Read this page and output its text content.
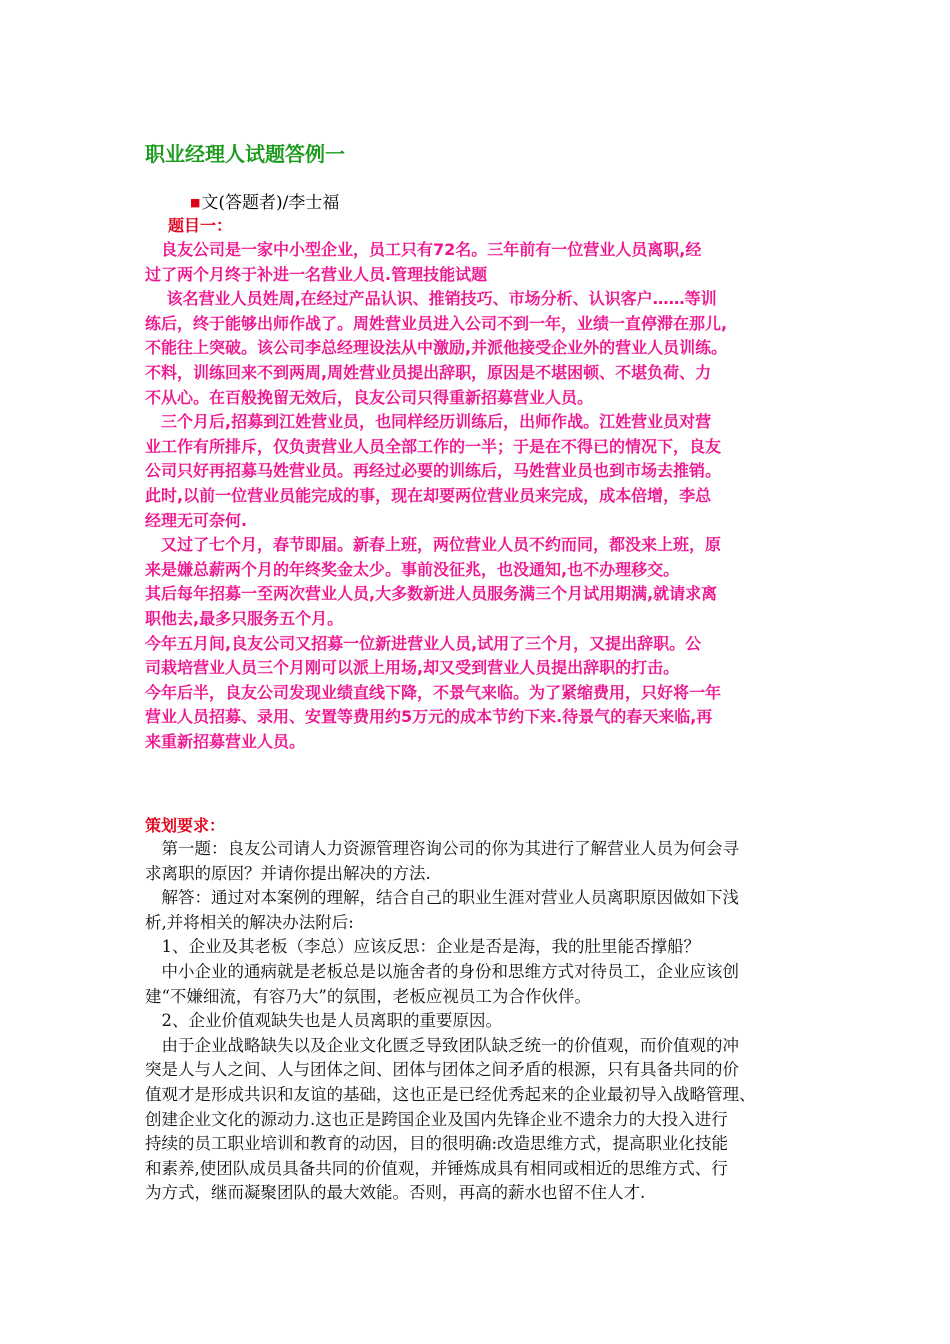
职业经理人试题答例一
■文(答题者)/李士福
题目一：

　良友公司是一家中小型企业，员工只有72名。三年前有一位营业人员离职,经

过了两个月终于补进一名营业人员.管理技能试题

　 该名营业人员姓周,在经过产品认识、推销技巧、市场分析、认识客户……等训

练后，终于能够出师作战了。周姓营业员进入公司不到一年，业绩一直停滞在那儿,

不能往上突破。该公司李总经理设法从中激励,并派他接受企业外的营业人员训练。

不料，训练回来不到两周,周姓营业员提出辞职，原因是不堪困顿、不堪负荷、力

不从心。在百般挽留无效后，良友公司只得重新招募营业人员。

　三个月后,招募到江姓营业员，也同样经历训练后，出师作战。江姓营业员对营

业工作有所排斥，仅负责营业人员全部工作的一半；于是在不得已的情况下，良友

公司只好再招募马姓营业员。再经过必要的训练后，马姓营业员也到市场去推销。

此时,以前一位营业员能完成的事，现在却要两位营业员来完成，成本倍增，李总

经理无可奈何.

　又过了七个月，春节即届。新春上班，两位营业人员不约而同，都没来上班，原

来是嫌总薪两个月的年终奖金太少。事前没征兆，也没通知,也不办理移交。

其后每年招募一至两次营业人员,大多数新进人员服务满三个月试用期满,就请求离

职他去,最多只服务五个月。

今年五月间,良友公司又招募一位新进营业人员,试用了三个月，又提出辞职。公

司栽培营业人员三个月刚可以派上用场,却又受到营业人员提出辞职的打击。

今年后半，良友公司发现业绩直线下降，不景气来临。为了紧缩费用，只好将一年

营业人员招募、录用、安置等费用约5万元的成本节约下来.待景气的春天来临,再

来重新招募营业人员。

策划要求：

　第一题：良友公司请人力资源管理咨询公司的你为其进行了解营业人员为何会寻

求离职的原因？并请你提出解决的方法.

　解答：通过对本案例的理解，结合自己的职业生涯对营业人员离职原因做如下浅

析,并将相关的解决办法附后:

　1、企业及其老板（李总）应该反思：企业是否是海，我的肚里能否撑船？

　中小企业的通病就是老板总是以施舍者的身份和思维方式对待员工，企业应该创

建“不嫌细流，有容乃大”的氛围，老板应视员工为合作伙伴。

　2、企业价值观缺失也是人员离职的重要原因。

　由于企业战略缺失以及企业文化匮乏导致团队缺乏统一的价值观，而价值观的冲

突是人与人之间、人与团体之间、团体与团体之间矛盾的根源，只有具备共同的价

值观才是形成共识和友谊的基础，这也正是已经优秀起来的企业最初导入战略管理、

创建企业文化的源动力.这也正是跨国企业及国内先锋企业不遗余力的大投入进行

持续的员工职业培训和教育的动因，目的很明确:改造思维方式，提高职业化技能

和素养,使团队成员具备共同的价值观，并锤炼成具有相同或相近的思维方式、行

为方式，继而凝聚团队的最大效能。否则，再高的薪水也留不住人才.
